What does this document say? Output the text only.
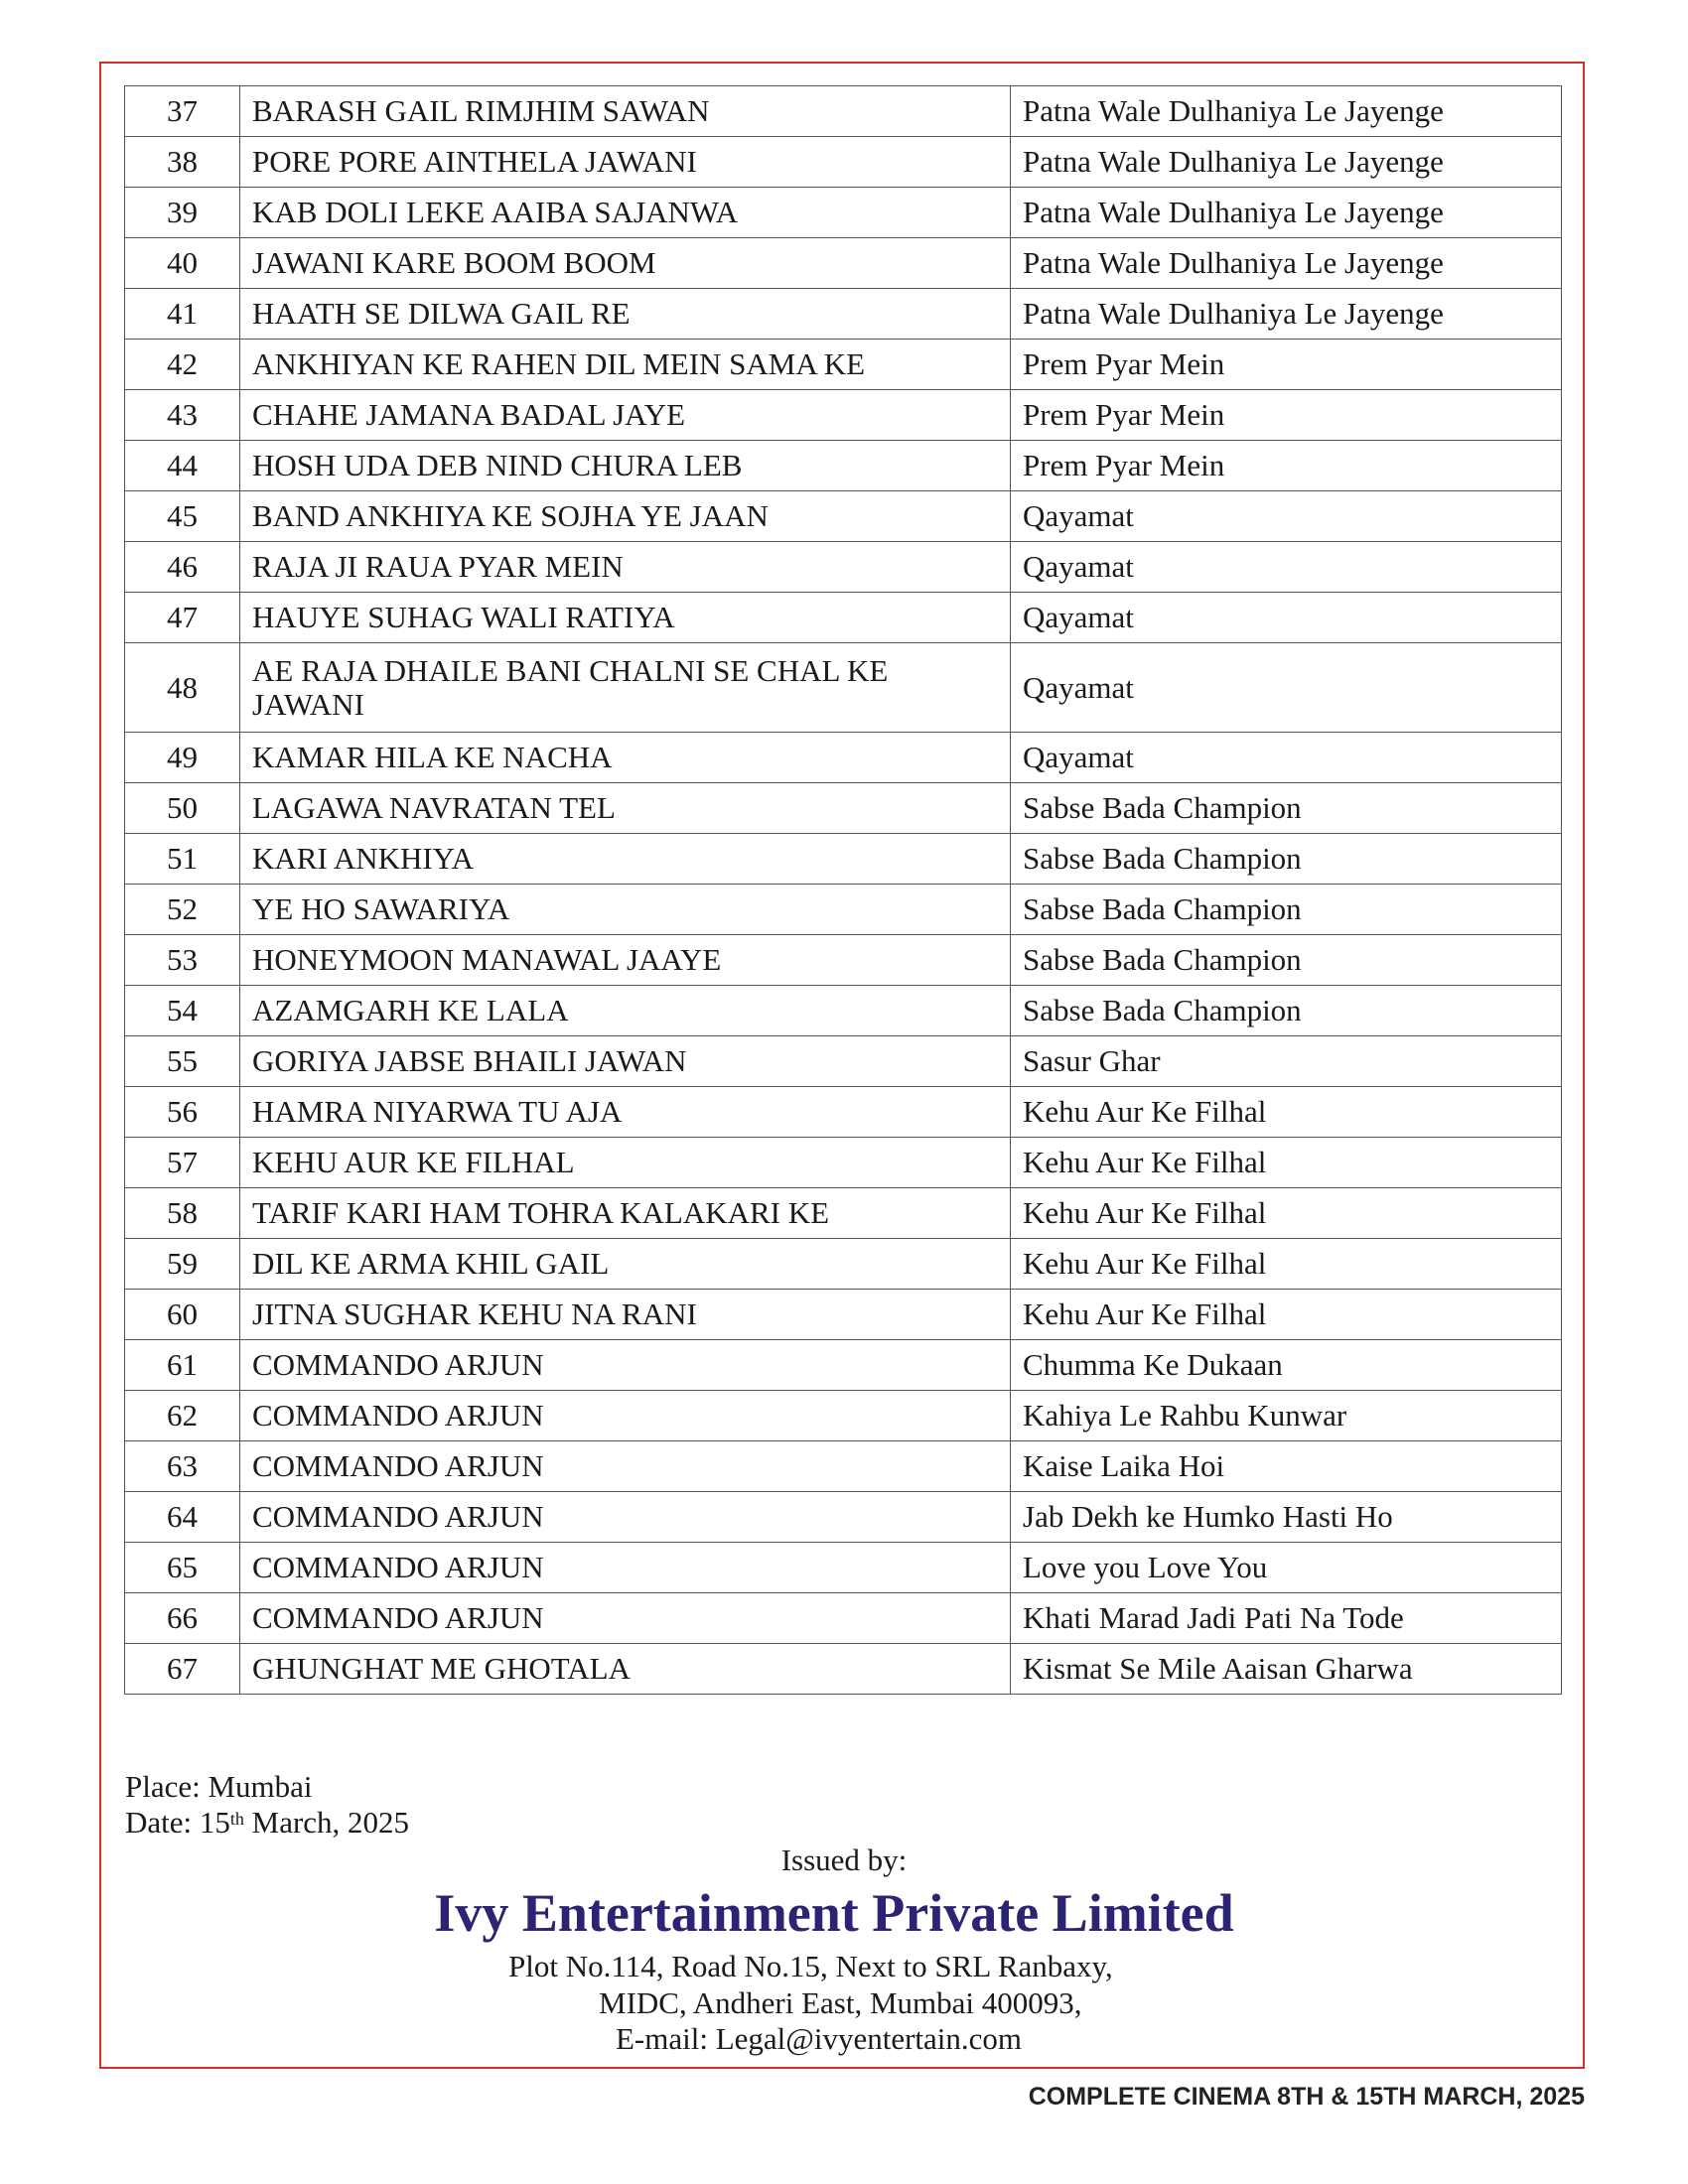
37	BARASH GAIL RIMJHIM SAWAN	Patna Wale Dulhaniya Le Jayenge
38	PORE PORE AINTHELA JAWANI	Patna Wale Dulhaniya Le Jayenge
39	KAB DOLI LEKE AAIBA SAJANWA	Patna Wale Dulhaniya Le Jayenge
40	JAWANI KARE BOOM BOOM	Patna Wale Dulhaniya Le Jayenge
41	HAATH SE DILWA GAIL RE	Patna Wale Dulhaniya Le Jayenge
42	ANKHIYAN KE RAHEN DIL MEIN SAMA KE	Prem Pyar Mein
43	CHAHE JAMANA BADAL JAYE	Prem Pyar Mein
44	HOSH UDA DEB NIND CHURA LEB	Prem Pyar Mein
45	BAND ANKHIYA KE SOJHA YE JAAN	Qayamat
46	RAJA JI RAUA PYAR MEIN	Qayamat
47	HAUYE SUHAG WALI RATIYA	Qayamat
48	AE RAJA DHAILE BANI CHALNI SE CHAL KE JAWANI	Qayamat
49	KAMAR HILA KE NACHA	Qayamat
50	LAGAWA NAVRATAN TEL	Sabse Bada Champion
51	KARI ANKHIYA	Sabse Bada Champion
52	YE HO SAWARIYA	Sabse Bada Champion
53	HONEYMOON MANAWAL JAAYE	Sabse Bada Champion
54	AZAMGARH KE LALA	Sabse Bada Champion
55	GORIYA JABSE BHAILI JAWAN	Sasur Ghar
56	HAMRA NIYARWA TU AJA	Kehu Aur Ke Filhal
57	KEHU AUR KE FILHAL	Kehu Aur Ke Filhal
58	TARIF KARI HAM TOHRA KALAKARI KE	Kehu Aur Ke Filhal
59	DIL KE ARMA KHIL GAIL	Kehu Aur Ke Filhal
60	JITNA SUGHAR KEHU NA RANI	Kehu Aur Ke Filhal
61	COMMANDO ARJUN	Chumma Ke Dukaan
62	COMMANDO ARJUN	Kahiya Le Rahbu Kunwar
63	COMMANDO ARJUN	Kaise Laika Hoi
64	COMMANDO ARJUN	Jab Dekh ke Humko Hasti Ho
65	COMMANDO ARJUN	Love you Love You
66	COMMANDO ARJUN	Khati Marad Jadi Pati Na Tode
67	GHUNGHAT ME GHOTALA	Kismat Se Mile Aaisan Gharwa
Place: Mumbai
Date: 15th March, 2025
Issued by:
Ivy Entertainment Private Limited
Plot No.114, Road No.15, Next to SRL Ranbaxy,
MIDC, Andheri East, Mumbai 400093,
E-mail: Legal@ivyentertain.com
COMPLETE CINEMA 8TH & 15TH MARCH, 2025
